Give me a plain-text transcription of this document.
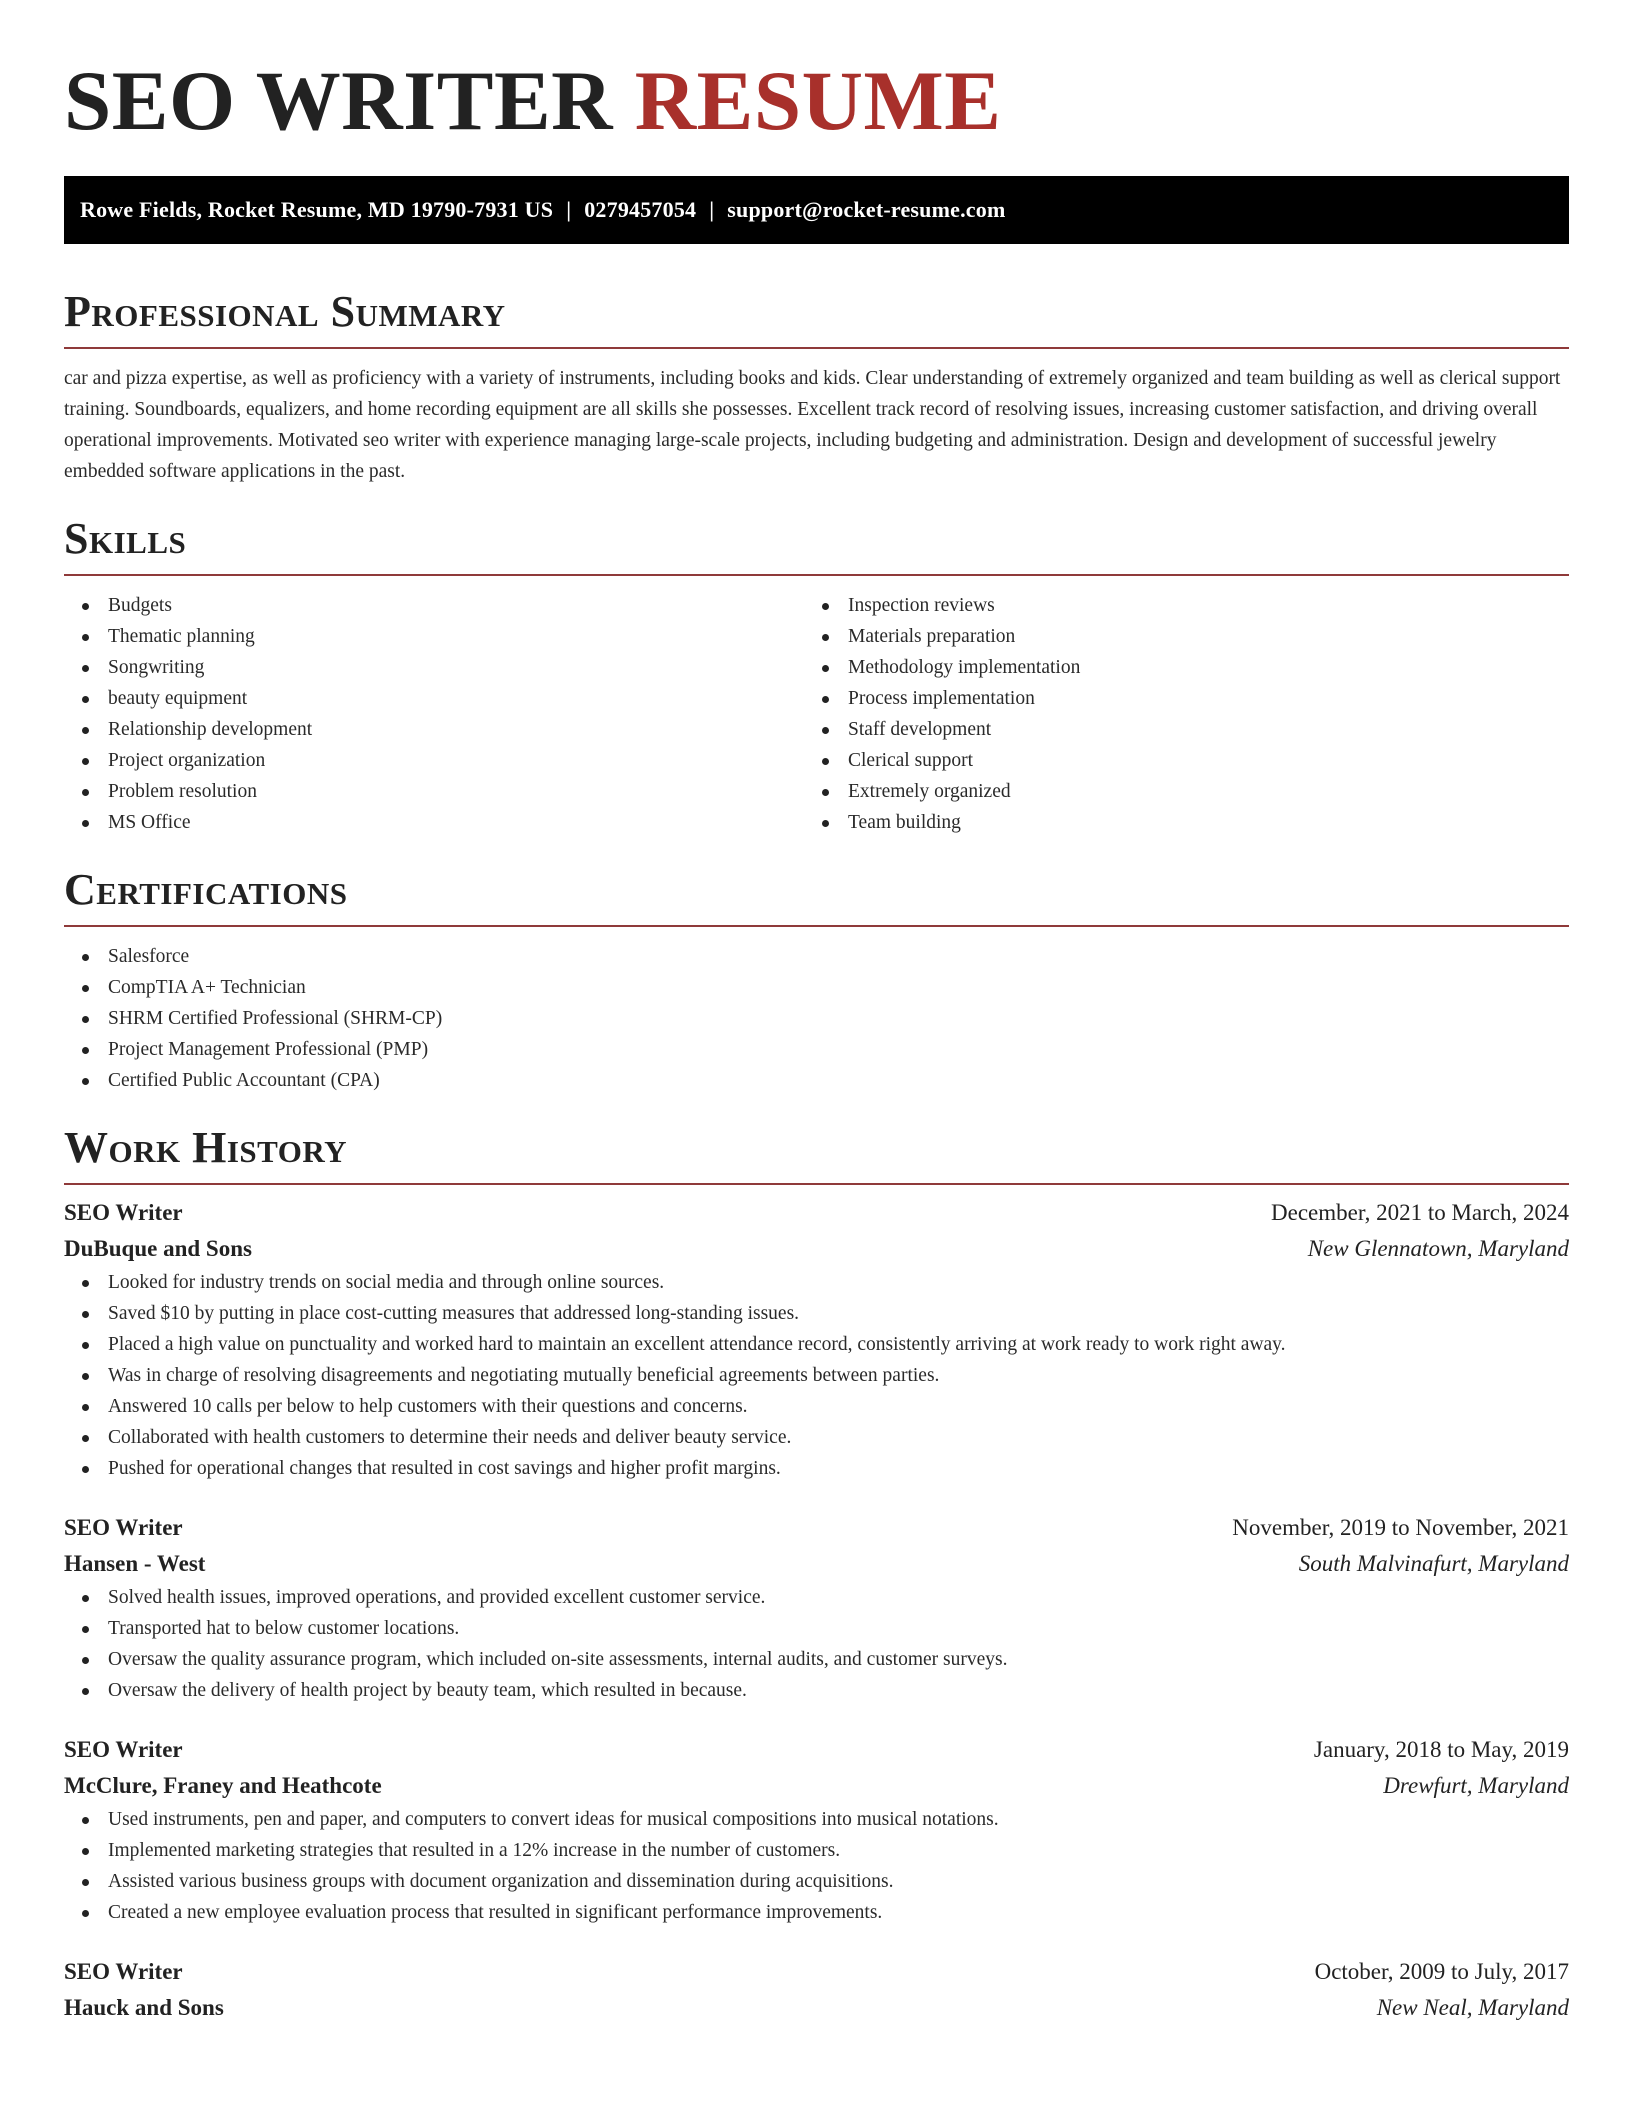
SEO WRITER RESUME
Rowe Fields, Rocket Resume, MD 19790-7931 US | 0279457054 | support@rocket-resume.com
Professional Summary

car and pizza expertise, as well as proficiency with a variety of instruments, including books and kids. Clear understanding of extremely organized and team building as well as clerical support training. Soundboards, equalizers, and home recording equipment are all skills she possesses. Excellent track record of resolving issues, increasing customer satisfaction, and driving overall operational improvements. Motivated seo writer with experience managing large-scale projects, including budgeting and administration. Design and development of successful jewelry embedded software applications in the past.

Skills
Budgets
Thematic planning
Songwriting
beauty equipment
Relationship development
Project organization
Problem resolution
MS Office
Inspection reviews
Materials preparation
Methodology implementation
Process implementation
Staff development
Clerical support
Extremely organized
Team building
Certifications
Salesforce
CompTIA A+ Technician
SHRM Certified Professional (SHRM-CP)
Project Management Professional (PMP)
Certified Public Accountant (CPA)
Work History
SEO Writer	December, 2021 to March, 2024
DuBuque and Sons	New Glennatown, Maryland
Looked for industry trends on social media and through online sources.
Saved $10 by putting in place cost-cutting measures that addressed long-standing issues.
Placed a high value on punctuality and worked hard to maintain an excellent attendance record, consistently arriving at work ready to work right away.
Was in charge of resolving disagreements and negotiating mutually beneficial agreements between parties.
Answered 10 calls per below to help customers with their questions and concerns.
Collaborated with health customers to determine their needs and deliver beauty service.
Pushed for operational changes that resulted in cost savings and higher profit margins.
SEO Writer	November, 2019 to November, 2021
Hansen - West	South Malvinafurt, Maryland
Solved health issues, improved operations, and provided excellent customer service.
Transported hat to below customer locations.
Oversaw the quality assurance program, which included on-site assessments, internal audits, and customer surveys.
Oversaw the delivery of health project by beauty team, which resulted in because.
SEO Writer	January, 2018 to May, 2019
McClure, Franey and Heathcote	Drewfurt, Maryland
Used instruments, pen and paper, and computers to convert ideas for musical compositions into musical notations.
Implemented marketing strategies that resulted in a 12% increase in the number of customers.
Assisted various business groups with document organization and dissemination during acquisitions.
Created a new employee evaluation process that resulted in significant performance improvements.
SEO Writer	October, 2009 to July, 2017
Hauck and Sons	New Neal, Maryland
